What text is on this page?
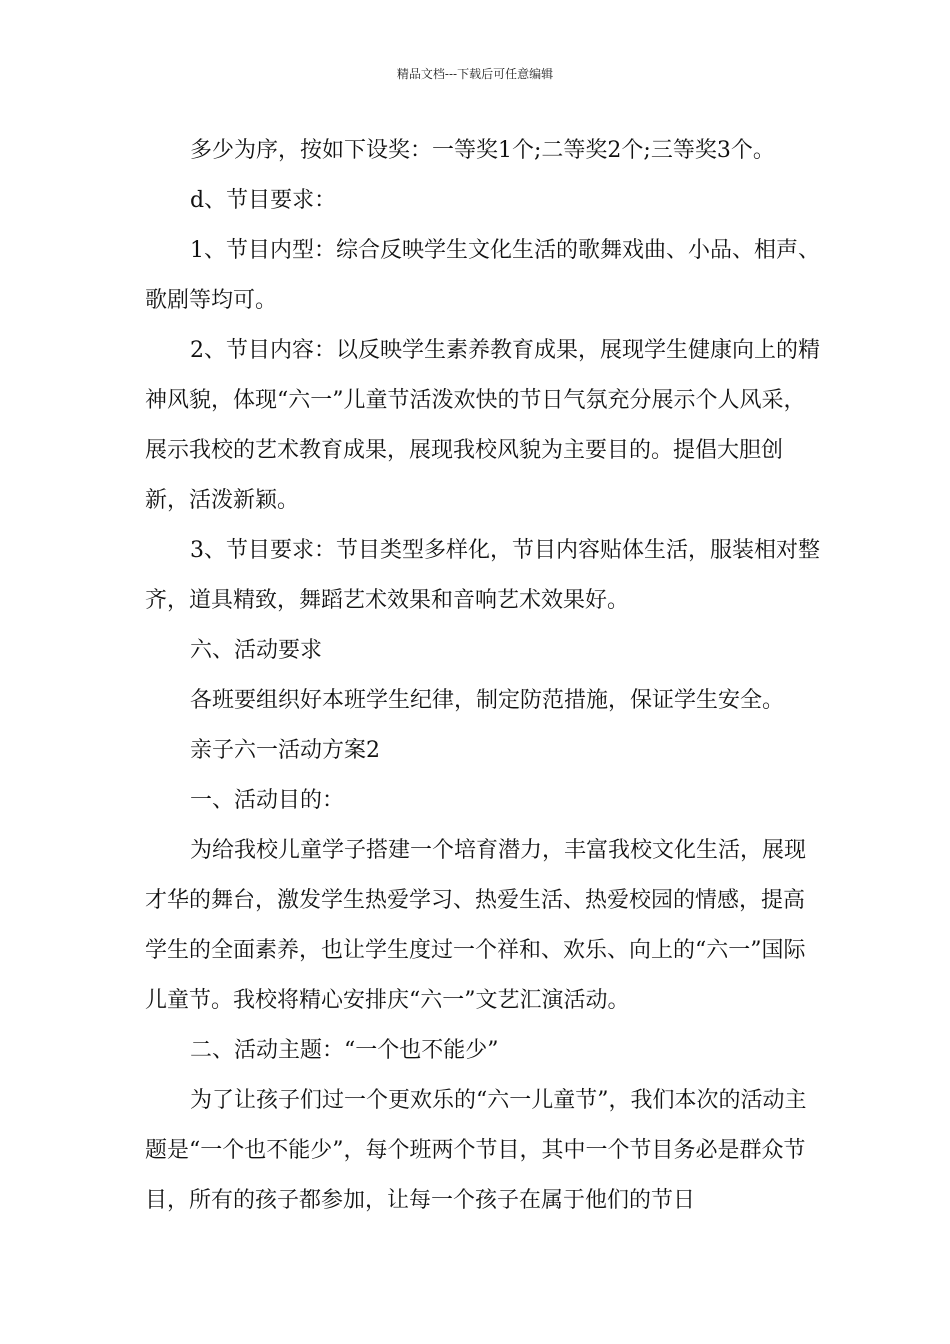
精品文档---下载后可任意编辑

多少为序，按如下设奖：一等奖1个;二等奖2个;三等奖3个。

d、节目要求：

1、节目内型：综合反映学生文化生活的歌舞戏曲、小品、相声、歌剧等均可。

2、节目内容：以反映学生素养教育成果，展现学生健康向上的精神风貌，体现“六一”儿童节活泼欢快的节日气氛充分展示个人风采，展示我校的艺术教育成果，展现我校风貌为主要目的。提倡大胆创新，活泼新颖。

3、节目要求：节目类型多样化，节目内容贴体生活，服装相对整齐，道具精致，舞蹈艺术效果和音响艺术效果好。

六、活动要求

各班要组织好本班学生纪律，制定防范措施，保证学生安全。

亲子六一活动方案2

一、活动目的：

为给我校儿童学子搭建一个培育潜力，丰富我校文化生活，展现才华的舞台，激发学生热爱学习、热爱生活、热爱校园的情感，提高学生的全面素养，也让学生度过一个祥和、欢乐、向上的“六一”国际儿童节。我校将精心安排庆“六一”文艺汇演活动。

二、活动主题：“一个也不能少”

为了让孩子们过一个更欢乐的“六一儿童节”，我们本次的活动主题是“一个也不能少”，每个班两个节目，其中一个节目务必是群众节目，所有的孩子都参加，让每一个孩子在属于他们的节日
